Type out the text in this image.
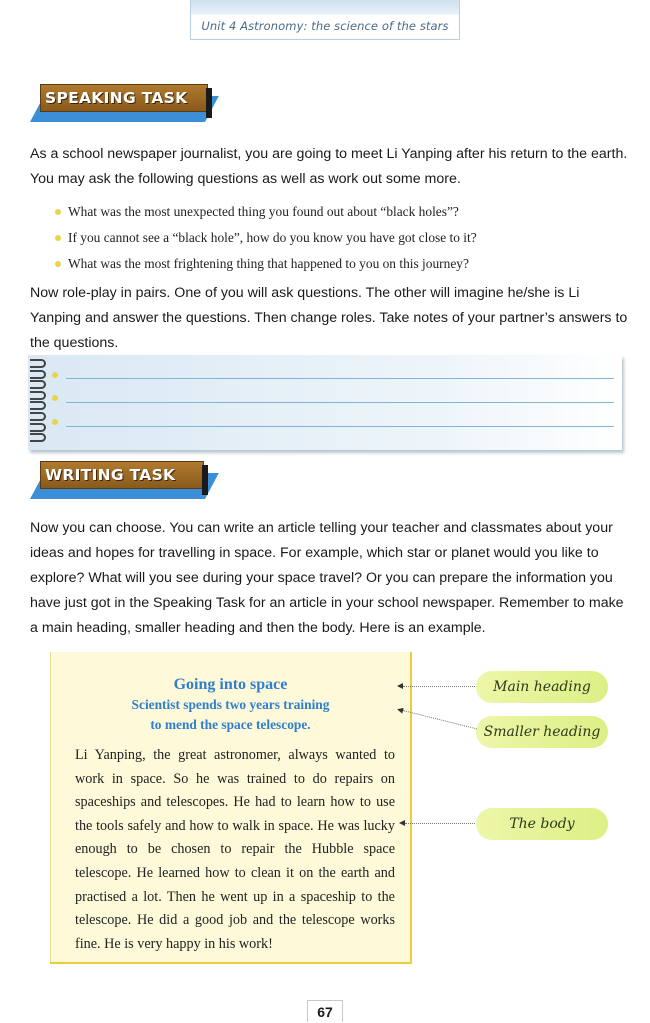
Unit 4 Astronomy: the science of the stars
SPEAKING TASK
As a school newspaper journalist, you are going to meet Li Yanping after his return to the earth. You may ask the following questions as well as work out some more.
What was the most unexpected thing you found out about “black holes”?
If you cannot see a “black hole”, how do you know you have got close to it?
What was the most frightening thing that happened to you on this journey?
Now role-play in pairs. One of you will ask questions. The other will imagine he/she is Li Yanping and answer the questions. Then change roles. Take notes of your partner’s answers to the questions.
WRITING TASK
Now you can choose. You can write an article telling your teacher and classmates about your ideas and hopes for travelling in space. For example, which star or planet would you like to explore? What will you see during your space travel? Or you can prepare the information you have just got in the Speaking Task for an article in your school newspaper. Remember to make a main heading, smaller heading and then the body. Here is an example.
Going into space
Scientist spends two years training
to mend the space telescope.
Li Yanping, the great astronomer, always wanted to work in space. So he was trained to do repairs on spaceships and telescopes. He had to learn how to use the tools safely and how to walk in space. He was lucky enough to be chosen to repair the Hubble space telescope. He learned how to clean it on the earth and practised a lot. Then he went up in a spaceship to the telescope. He did a good job and the telescope works fine. He is very happy in his work!
Main heading
Smaller heading
The body
67
